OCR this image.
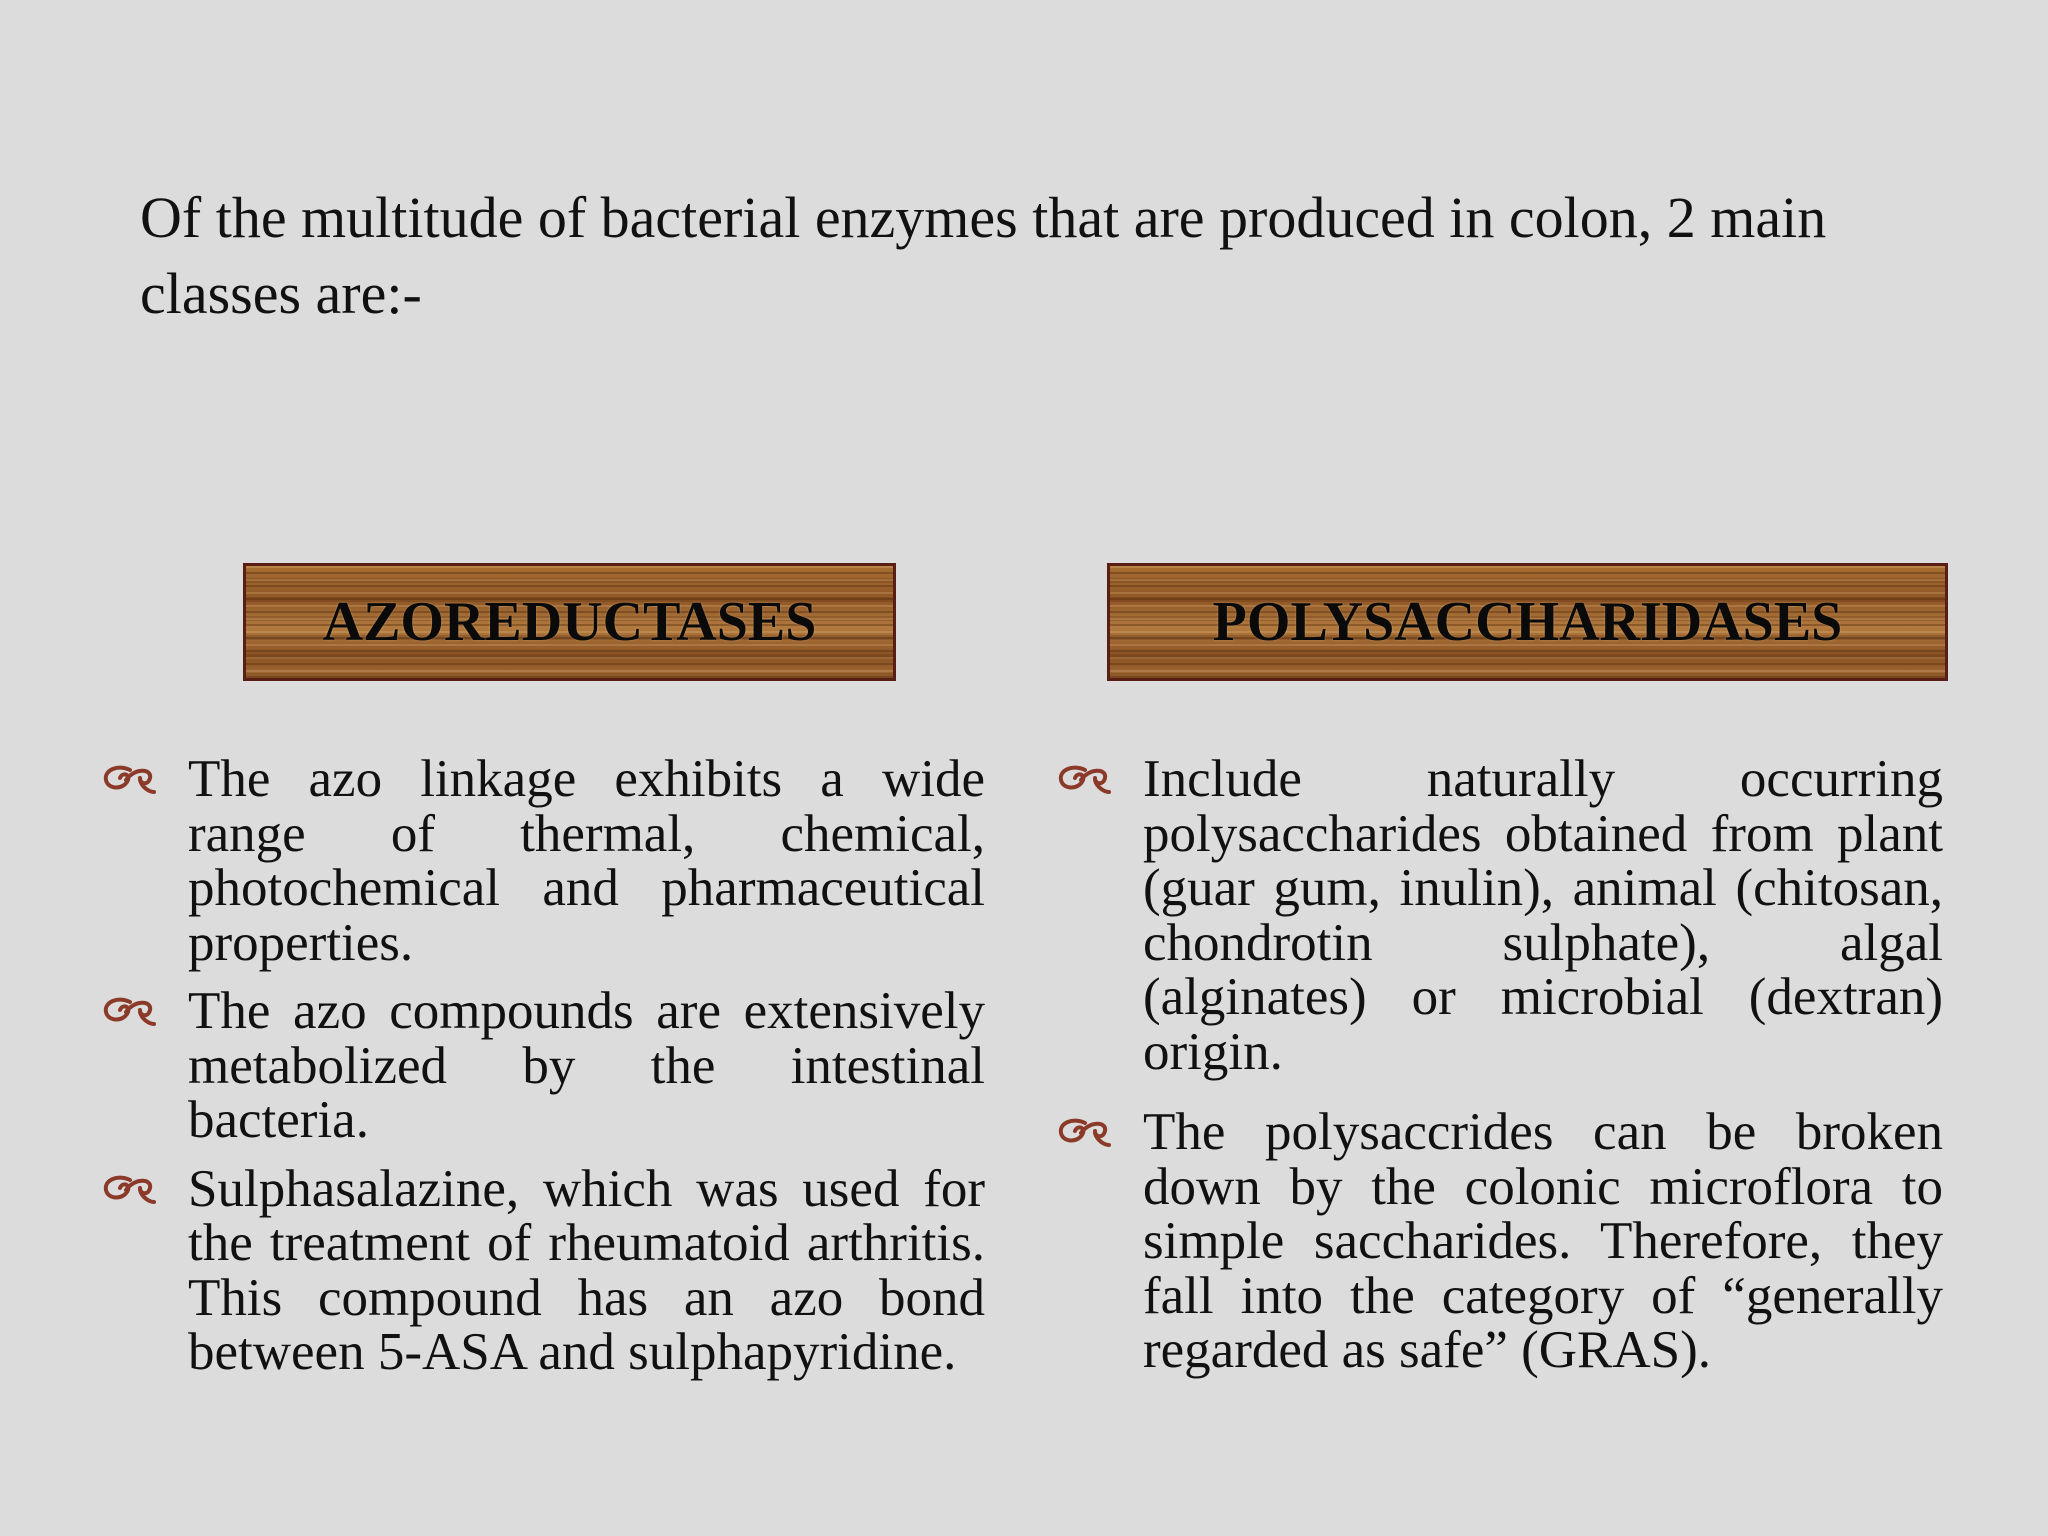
Of the multitude of bacterial enzymes that are produced in colon, 2 main classes are:-
AZOREDUCTASES	POLYSACCHARIDASES
The azo linkage exhibits a wide range of thermal, chemical, photochemical and pharmaceutical properties.
The azo compounds are extensively metabolized by the intestinal bacteria.
Sulphasalazine, which was used for the treatment of rheumatoid arthritis. This compound has an azo bond between 5-ASA and sulphapyridine.
Include naturally occurring polysaccharides obtained from plant (guar gum, inulin), animal (chitosan, chondrotin sulphate), algal (alginates) or microbial (dextran) origin.
The polysaccrides can be broken down by the colonic microflora to simple saccharides. Therefore, they fall into the category of “generally regarded as safe” (GRAS).
